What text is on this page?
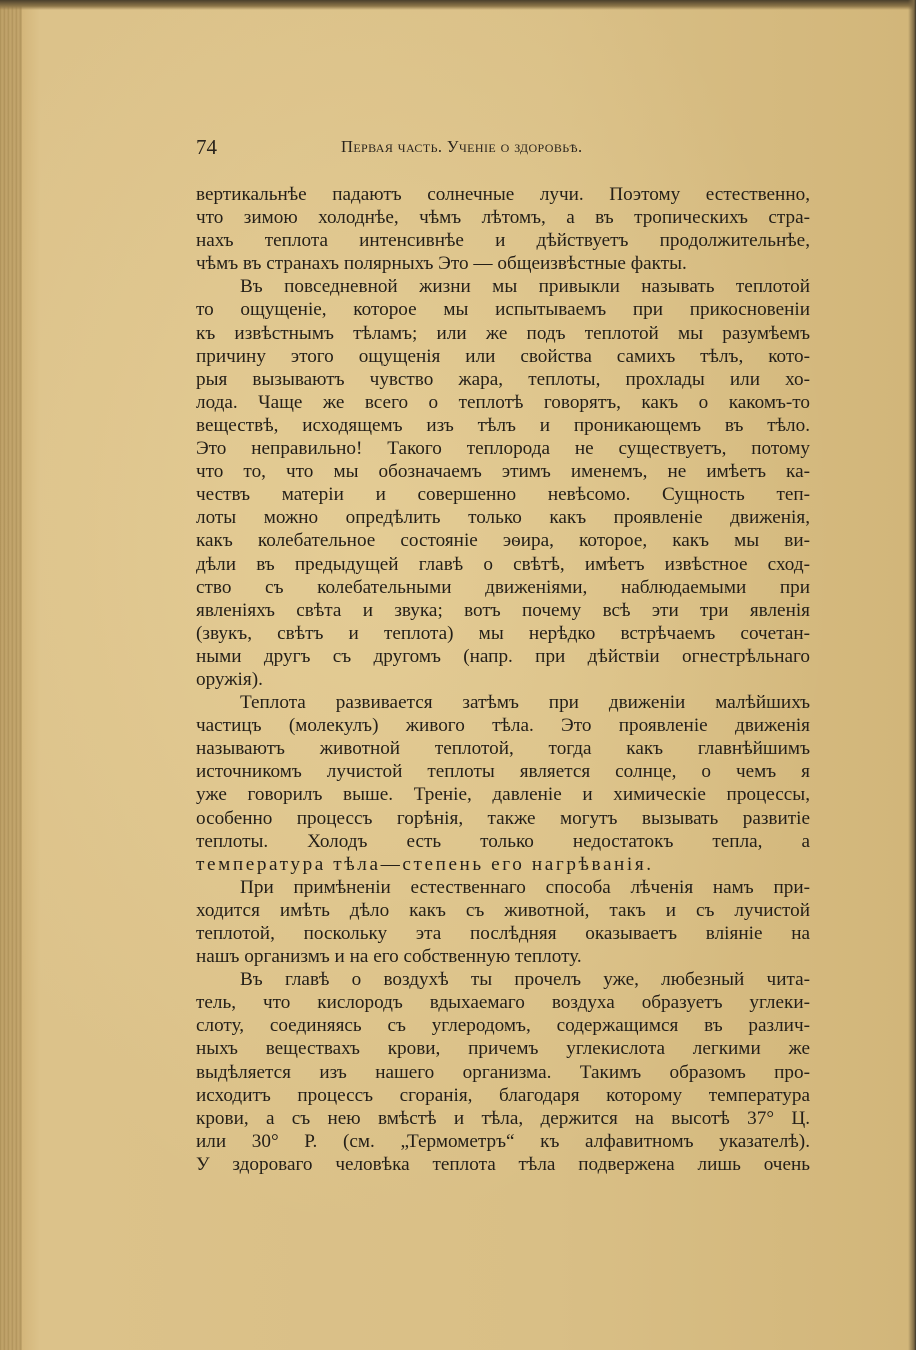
74	Первая часть. Ученіе о здоровьѣ.
вертикальнѣе падаютъ солнечные лучи. Поэтому естественно,
что зимою холоднѣе, чѣмъ лѣтомъ, а въ тропическихъ стра-
нахъ теплота интенсивнѣе и дѣйствуетъ продолжительнѣе,
чѣмъ въ странахъ полярныхъ Это — общеизвѣстные факты.
Въ повседневной жизни мы привыкли называть теплотой
то ощущеніе, которое мы испытываемъ при прикосновеніи
къ извѣстнымъ тѣламъ; или же подъ теплотой мы разумѣемъ
причину этого ощущенія или свойства самихъ тѣлъ, кото-
рыя вызываютъ чувство жара, теплоты, прохлады или хо-
лода. Чаще же всего о теплотѣ говорятъ, какъ о какомъ-то
веществѣ, исходящемъ изъ тѣлъ и проникающемъ въ тѣло.
Это неправильно! Такого теплорода не существуетъ, потому
что то, что мы обозначаемъ этимъ именемъ, не имѣетъ ка-
чествъ матеріи и совершенно невѣсомо. Сущность теп-
лоты можно опредѣлить только какъ проявленіе движенія,
какъ колебательное состояніе эѳира, которое, какъ мы ви-
дѣли въ предыдущей главѣ о свѣтѣ, имѣетъ извѣстное сход-
ство съ колебательными движеніями, наблюдаемыми при
явленіяхъ свѣта и звука; вотъ почему всѣ эти три явленія
(звукъ, свѣтъ и теплота) мы нерѣдко встрѣчаемъ сочетан-
ными другъ съ другомъ (напр. при дѣйствіи огнестрѣльнаго
оружія).
Теплота развивается затѣмъ при движеніи малѣйшихъ
частицъ (молекулъ) живого тѣла. Это проявленіе движенія
называютъ животной теплотой, тогда какъ главнѣйшимъ
источникомъ лучистой теплоты является солнце, о чемъ я
уже говорилъ выше. Треніе, давленіе и химическіе процессы,
особенно процессъ горѣнія, также могутъ вызывать развитіе
теплоты. Холодъ есть только недостатокъ тепла, а
температура тѣла—степень его нагрѣванія.
При примѣненіи естественнаго способа лѣченія намъ при-
ходится имѣть дѣло какъ съ животной, такъ и съ лучистой
теплотой, поскольку эта послѣдняя оказываетъ вліяніе на
нашъ организмъ и на его собственную теплоту.
Въ главѣ о воздухѣ ты прочелъ уже, любезный чита-
тель, что кислородъ вдыхаемаго воздуха образуетъ углеки-
слоту, соединяясь съ углеродомъ, содержащимся въ различ-
ныхъ веществахъ крови, причемъ углекислота легкими же
выдѣляется изъ нашего организма. Такимъ образомъ про-
исходитъ процессъ сгоранія, благодаря которому температура
крови, а съ нею вмѣстѣ и тѣла, держится на высотѣ 37° Ц.
или 30° Р. (см. „Термометръ“ къ алфавитномъ указателѣ).
У здороваго человѣка теплота тѣла подвержена лишь очень
